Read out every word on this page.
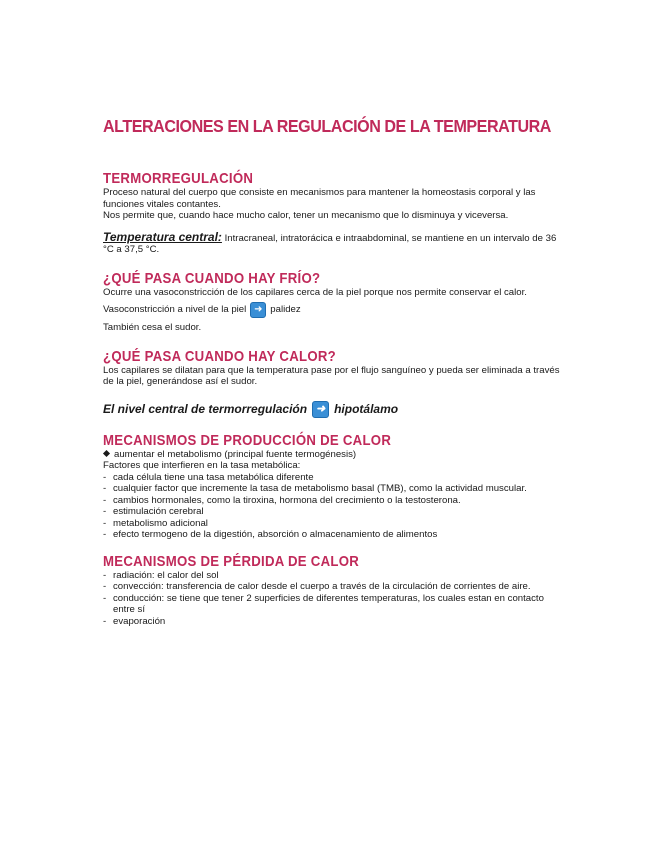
ALTERACIONES EN LA REGULACIÓN DE LA TEMPERATURA
TERMORREGULACIÓN

Proceso natural del cuerpo que consiste en mecanismos para mantener la homeostasis corporal y las funciones vitales contantes.

Nos permite que, cuando hace mucho calor, tener un mecanismo que lo disminuya y viceversa.

Temperatura central: Intracraneal, intratorácica e intraabdominal, se mantiene en un intervalo de 36 °C a 37,5 °C.

¿QUÉ PASA CUANDO HAY FRÍO?

Ocurre una vasoconstricción de los capilares cerca de la piel porque nos permite conservar el calor.

Vasoconstricción a nivel de la piel ➜ palidez

También cesa el sudor.

¿QUÉ PASA CUANDO HAY CALOR?

Los capilares se dilatan para que la temperatura pase por el flujo sanguíneo y pueda ser eliminada a través de la piel, generándose así el sudor.

El nivel central de termorregulación ➜ hipotálamo

MECANISMOS DE PRODUCCIÓN DE CALOR

aumentar el metabolismo (principal fuente termogénesis)

Factores que interfieren en la tasa metabólica:

- cada célula tiene una tasa metabólica diferente
- cualquier factor que incremente la tasa de metabolismo basal (TMB), como la actividad muscular.
- cambios hormonales, como la tiroxina, hormona del crecimiento o la testosterona.
- estimulación cerebral
- metabolismo adicional
- efecto termogeno de la digestión, absorción o almacenamiento de alimentos
MECANISMOS DE PÉRDIDA DE CALOR
- radiación: el calor del sol
- convección: transferencia de calor desde el cuerpo a través de la circulación de corrientes de aire.
- conducción: se tiene que tener 2 superficies de diferentes temperaturas, los cuales estan en contacto entre sí
- evaporación
